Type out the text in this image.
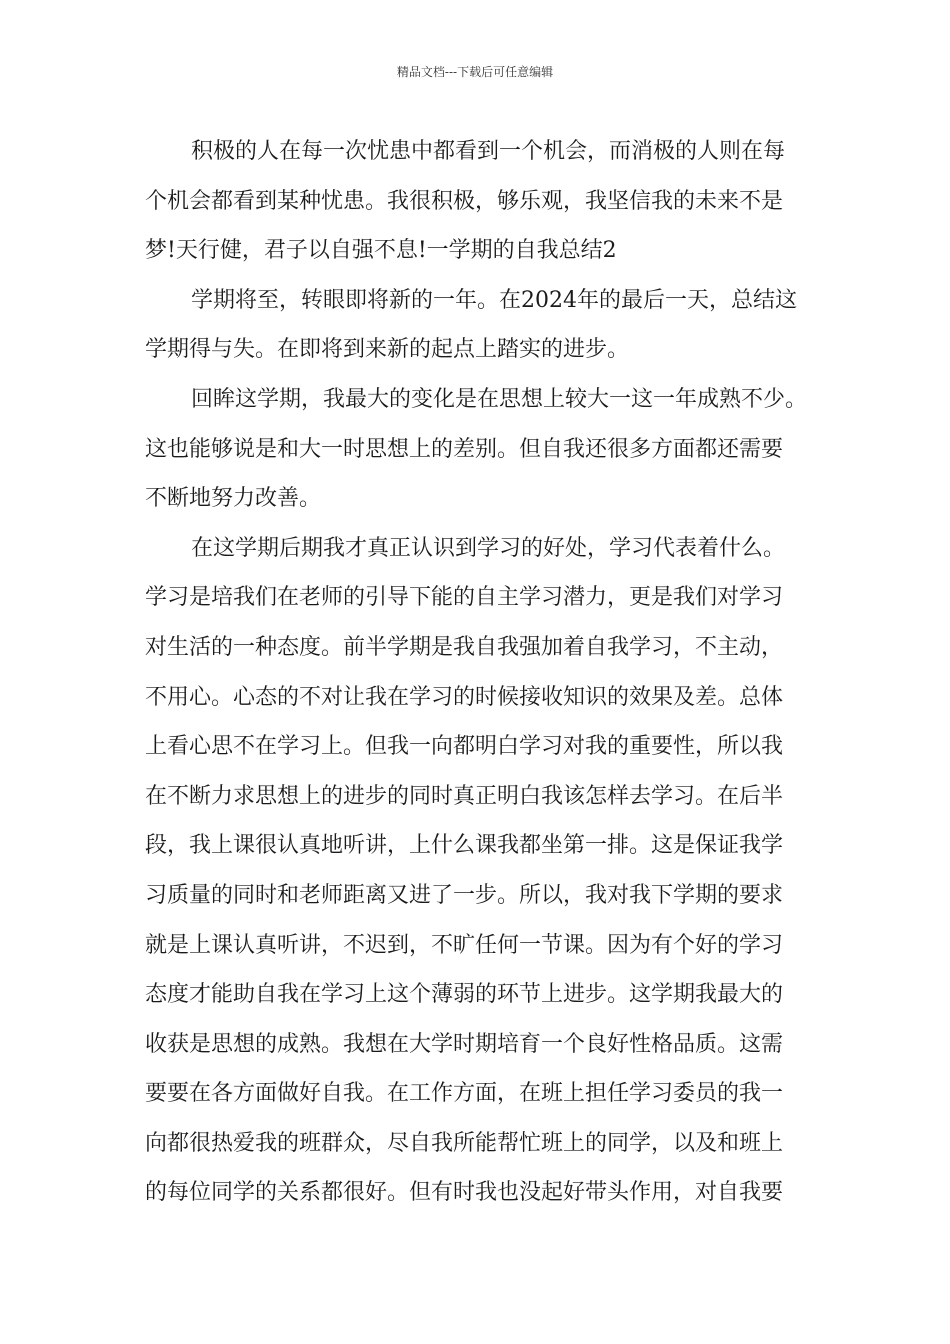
精品文档---下载后可任意编辑
积极的人在每一次忧患中都看到一个机会，而消极的人则在每
个机会都看到某种忧患。我很积极，够乐观，我坚信我的未来不是
梦!天行健，君子以自强不息!一学期的自我总结2
学期将至，转眼即将新的一年。在2024年的最后一天，总结这
学期得与失。在即将到来新的起点上踏实的进步。
回眸这学期，我最大的变化是在思想上较大一这一年成熟不少。
这也能够说是和大一时思想上的差别。但自我还很多方面都还需要
不断地努力改善。
在这学期后期我才真正认识到学习的好处，学习代表着什么。
学习是培我们在老师的引导下能的自主学习潜力，更是我们对学习
对生活的一种态度。前半学期是我自我强加着自我学习，不主动，
不用心。心态的不对让我在学习的时候接收知识的效果及差。总体
上看心思不在学习上。但我一向都明白学习对我的重要性，所以我
在不断力求思想上的进步的同时真正明白我该怎样去学习。在后半
段，我上课很认真地听讲，上什么课我都坐第一排。这是保证我学
习质量的同时和老师距离又进了一步。所以，我对我下学期的要求
就是上课认真听讲，不迟到，不旷任何一节课。因为有个好的学习
态度才能助自我在学习上这个薄弱的环节上进步。这学期我最大的
收获是思想的成熟。我想在大学时期培育一个良好性格品质。这需
要要在各方面做好自我。在工作方面，在班上担任学习委员的我一
向都很热爱我的班群众，尽自我所能帮忙班上的同学，以及和班上
的每位同学的关系都很好。但有时我也没起好带头作用，对自我要
